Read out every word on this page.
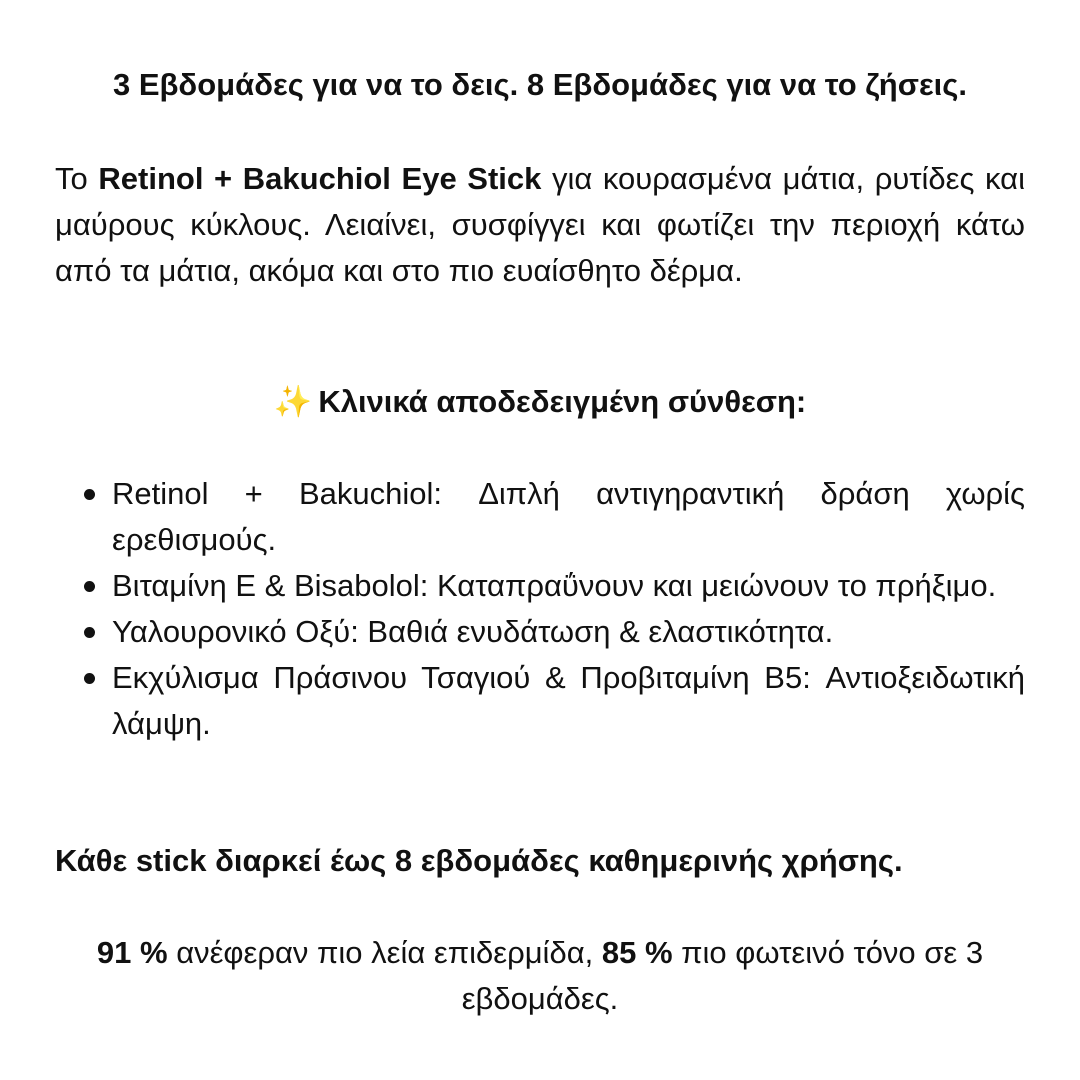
3 Εβδομάδες για να το δεις. 8 Εβδομάδες για να το ζήσεις.

Το Retinol + Bakuchiol Eye Stick για κουρασμένα μάτια, ρυτίδες και μαύρους κύκλους. Λειαίνει, συσφίγγει και φωτίζει την περιοχή κάτω από τα μάτια, ακόμα και στο πιο ευαίσθητο δέρμα.

✨ Κλινικά αποδεδειγμένη σύνθεση:
Retinol + Bakuchiol: Διπλή αντιγηραντική δράση χωρίς ερεθισμούς.
Βιταμίνη E & Bisabolol: Καταπραΰνουν και μειώνουν το πρήξιμο.
Υαλουρονικό Οξύ: Βαθιά ενυδάτωση & ελαστικότητα.
Εκχύλισμα Πράσινου Τσαγιού & Προβιταμίνη B5: Αντιοξειδωτική λάμψη.
Κάθε stick διαρκεί έως 8 εβδομάδες καθημερινής χρήσης.
91 % ανέφεραν πιο λεία επιδερμίδα, 85 % πιο φωτεινό τόνο σε 3 εβδομάδες.
